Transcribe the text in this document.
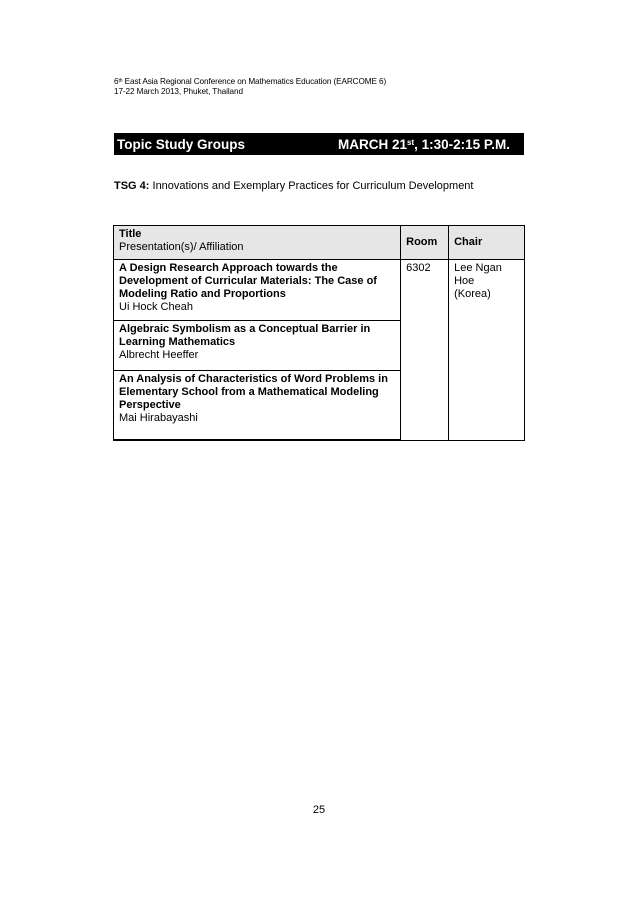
6th East Asia Regional Conference on Mathematics Education (EARCOME 6)
17-22 March 2013, Phuket, Thailand
Topic Study Groups	MARCH 21st , 1:30-2:15 P.M.
TSG 4: Innovations and Exemplary Practices for Curriculum Development
Title
Presentation(s)/ Affiliation	Room	Chair

A Design Research Approach towards the Development of Curricular Materials: The Case of Modeling Ratio and Proportions
Ui Hock Cheah	6302	Lee Ngan
Hoe
(Korea)

Algebraic Symbolism as a Conceptual Barrier in Learning Mathematics
Albrecht Heeffer		

An Analysis of Characteristics of Word Problems in Elementary School from a Mathematical Modeling Perspective
Mai Hirabayashi		
25
